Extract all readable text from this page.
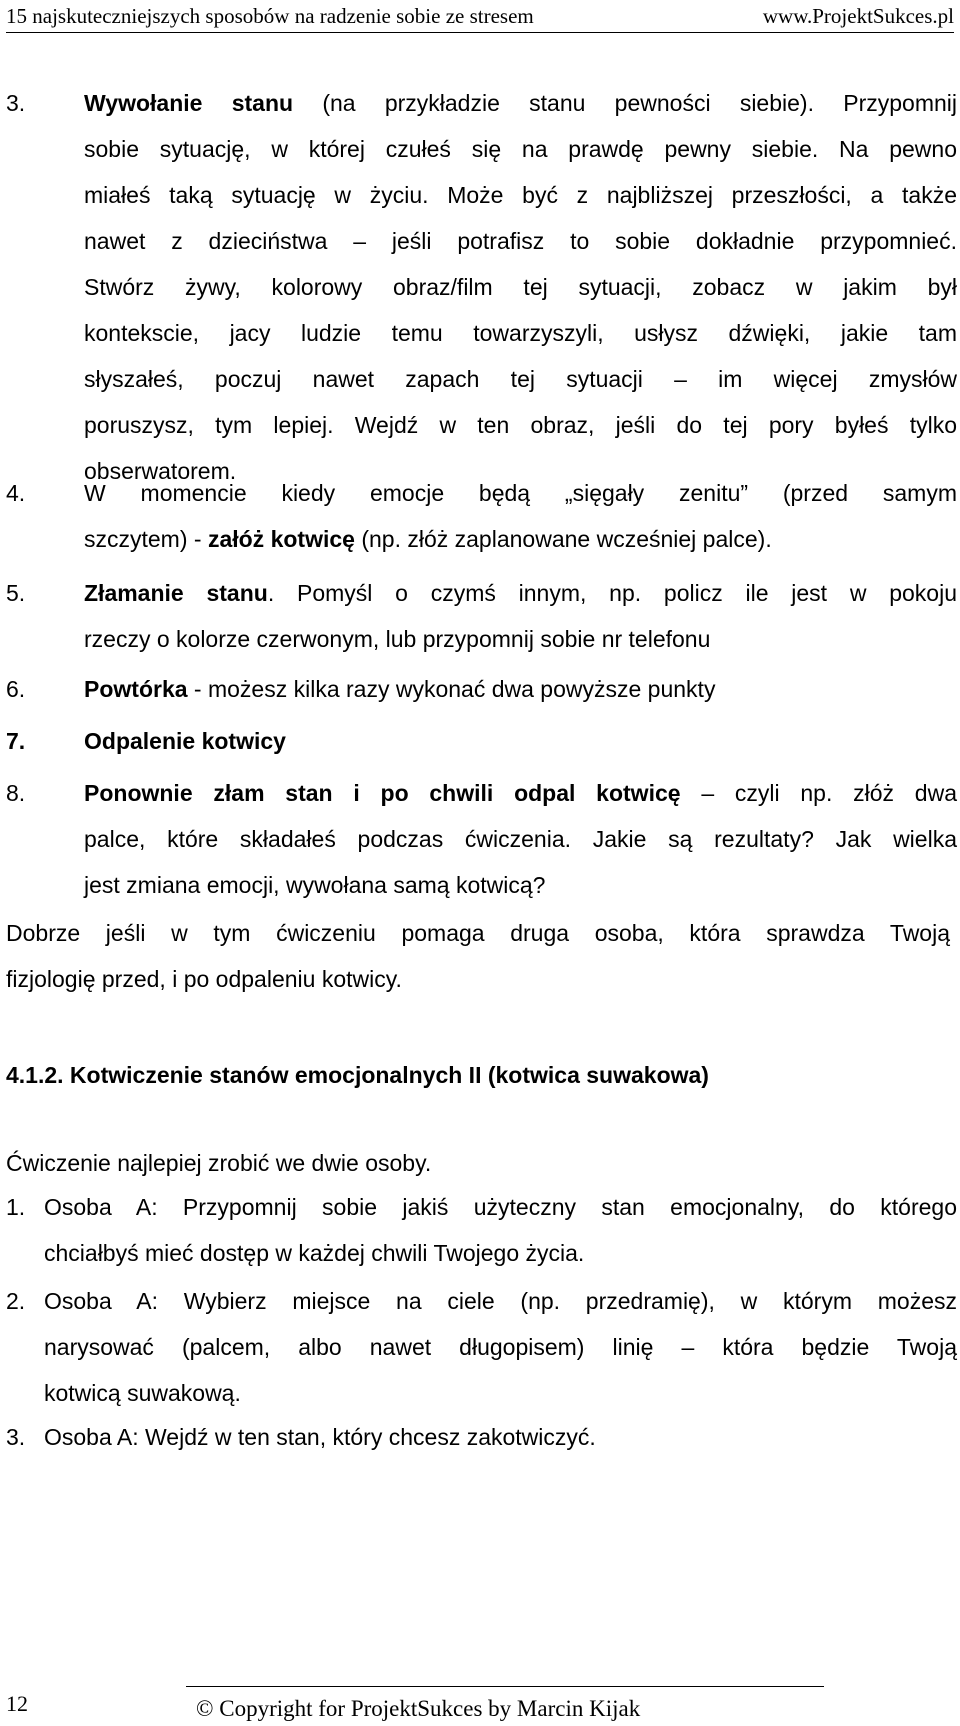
15 najskuteczniejszych sposobów na radzenie sobie ze stresem	www.ProjektSukces.pl
3.	Wywołanie stanu (na przykładzie stanu pewności siebie). Przypomnij
sobie sytuację, w której czułeś się na prawdę pewny siebie. Na pewno
miałeś taką sytuację w życiu. Może być z najbliższej przeszłości, a także
nawet z dzieciństwa – jeśli potrafisz to sobie dokładnie przypomnieć.
Stwórz żywy, kolorowy obraz/film tej sytuacji, zobacz w jakim był
kontekscie, jacy ludzie temu towarzyszyli, usłysz dźwięki, jakie tam
słyszałeś, poczuj nawet zapach tej sytuacji – im więcej zmysłów
poruszysz, tym lepiej. Wejdź w ten obraz, jeśli do tej pory byłeś tylko
obserwatorem.
4.	W momencie kiedy emocje będą „sięgały zenitu” (przed samym
szczytem) - załóż kotwicę (np. złóż zaplanowane wcześniej palce).
5.	Złamanie stanu. Pomyśl o czymś innym, np. policz ile jest w pokoju
rzeczy o kolorze czerwonym, lub przypomnij sobie nr telefonu
6.	Powtórka - możesz kilka razy wykonać dwa powyższe punkty
7.	Odpalenie kotwicy
8.	Ponownie złam stan i po chwili odpal kotwicę – czyli np. złóż dwa
palce, które składałeś podczas ćwiczenia. Jakie są rezultaty? Jak wielka
jest zmiana emocji, wywołana samą kotwicą?
Dobrze jeśli w tym ćwiczeniu pomaga druga osoba, która sprawdza Twoją
fizjologię przed, i po odpaleniu kotwicy.
4.1.2. Kotwiczenie stanów emocjonalnych II (kotwica suwakowa)
Ćwiczenie najlepiej zrobić we dwie osoby.
1. Osoba A: Przypomnij sobie jakiś użyteczny stan emocjonalny, do którego
chciałbyś mieć dostęp w każdej chwili Twojego życia.
2. Osoba A: Wybierz miejsce na ciele (np. przedramię), w którym możesz
narysować (palcem, albo nawet długopisem) linię – która będzie Twoją
kotwicą suwakową.
3. Osoba A: Wejdź w ten stan, który chcesz zakotwiczyć.
12	© Copyright for ProjektSukces by Marcin Kijak
